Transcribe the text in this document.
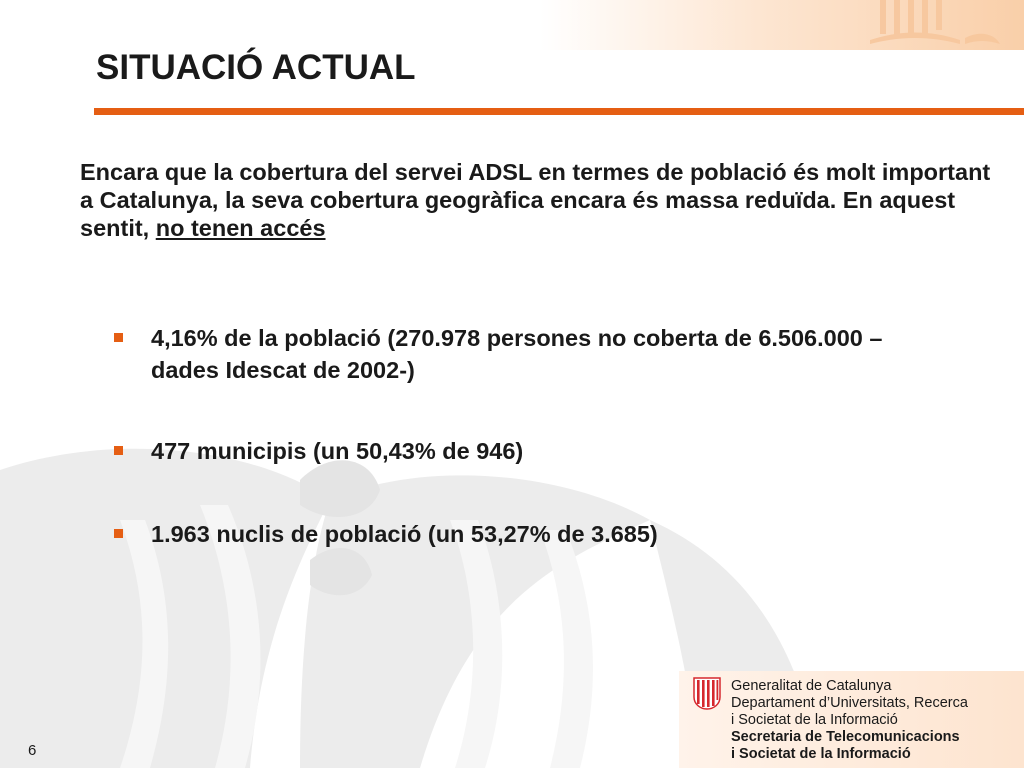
SITUACIÓ ACTUAL

Encara que la cobertura del servei ADSL en termes de població és molt important a Catalunya, la seva cobertura geogràfica encara és massa reduïda. En aquest sentit, no tenen accés

4,16% de la població (270.978 persones no coberta de 6.506.000 –dades Idescat de 2002-)
477 municipis (un 50,43% de 946)
1.963 nuclis de població (un 53,27% de 3.685)
Generalitat de Catalunya
Departament d’Universitats, Recerca
i Societat de la Informació
Secretaria de Telecomunicacions
i Societat de la Informació
6
